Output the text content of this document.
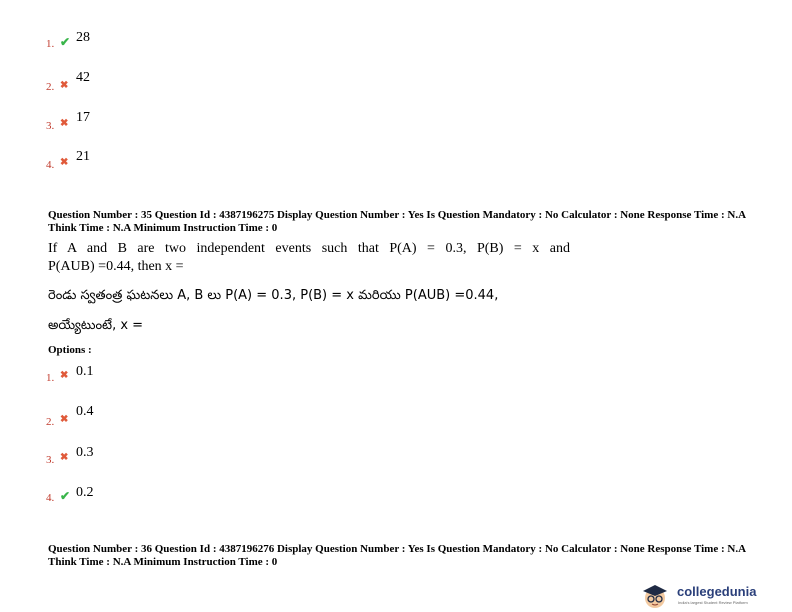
1. ✔ 28
2. ✖
42
3. ✖ 17
4. ✖ 21
Question Number : 35 Question Id : 4387196275 Display Question Number : Yes Is Question Mandatory : No Calculator : None Response Time : N.A Think Time : N.A Minimum Instruction Time : 0
If A and B are two independent events such that P(A) = 0.3, P(B) = x and
P(AUB) =0.44, then x =
రెండు స్వతంత్ర ఘటనలు A, B లు P(A) = 0.3, P(B) = x మరియు P(AUB) =0.44,
అయ్యేటుంటే, x =
Options :
1. ✖ 0.1
2. ✖
0.4
3. ✖ 0.3
4. ✔ 0.2
Question Number : 36 Question Id : 4387196276 Display Question Number : Yes Is Question Mandatory : No Calculator : None Response Time : N.A Think Time : N.A Minimum Instruction Time : 0
collegedunia
India's largest Student Review Platform
